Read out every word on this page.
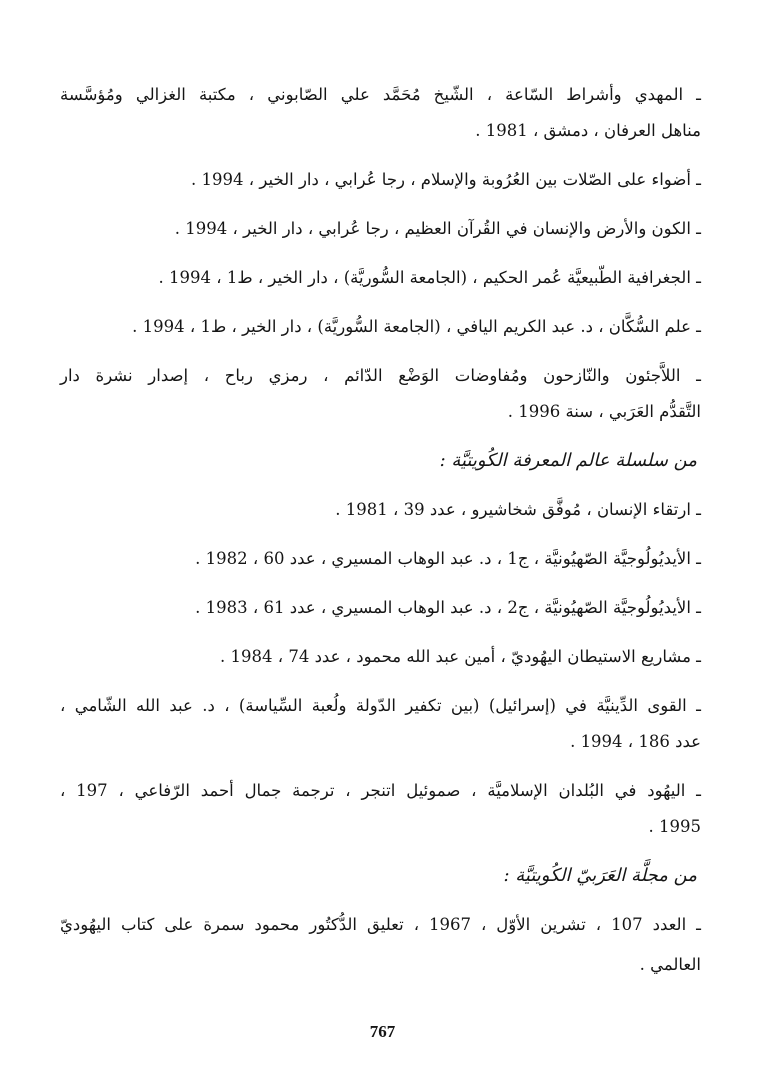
ـ المهدي وأشراط السّاعة ، الشّيخ مُحَمَّد علي الصّابوني ، مكتبة الغزالي ومُؤسَّسة
مناهل العرفان ، دمشق ، 1981 .
ـ أضواء على الصّلات بين العُرُوبة والإسلام ، رجا عُرابي ، دار الخير ، 1994 .
ـ الكون والأرض والإنسان في القُرآن العظيم ، رجا عُرابي ، دار الخير ، 1994 .
ـ الجغرافية الطّبيعيَّة عُمر الحكيم ، (الجامعة السُّوريَّة) ، دار الخير ، ط1 ، 1994 .
ـ علم السُّكَّان ، د. عبد الكريم اليافي ، (الجامعة السُّوريَّة) ، دار الخير ، ط1 ، 1994 .
ـ اللاَّجئون والنّازحون ومُفاوضات الوَضْع الدّائم ، رمزي رباح ، إصدار نشرة دار
التَّقدُّم العَرَبي ، سنة 1996 .
من سلسلة عالم المعرفة الكُويتيَّة :
ـ ارتقاء الإنسان ، مُوفَّق شخاشيرو ، عدد 39 ، 1981 .
ـ الأيديُولُوجيَّة الصّهيُونيَّة ، ج1 ، د. عبد الوهاب المسيري ، عدد 60 ، 1982 .
ـ الأيديُولُوجيَّة الصّهيُونيَّة ، ج2 ، د. عبد الوهاب المسيري ، عدد 61 ، 1983 .
ـ مشاريع الاستيطان اليهُوديّ ، أمين عبد الله محمود ، عدد 74 ، 1984 .
ـ القوى الدِّينيَّة في (إسرائيل) (بين تكفير الدّولة ولُعبة السِّياسة) ، د. عبد الله الشّامي ،
عدد 186 ، 1994 .
ـ اليهُود في البُلدان الإسلاميَّة ، صموئيل اتنجر ، ترجمة جمال أحمد الرّفاعي ، 197 ،
1995 .
من مجلَّة العَرَبيّ الكُويتيَّة :
ـ العدد 107 ، تشرين الأوّل ، 1967 ، تعليق الدُّكتُور محمود سمرة على كتاب اليهُوديّ
العالمي .
767
